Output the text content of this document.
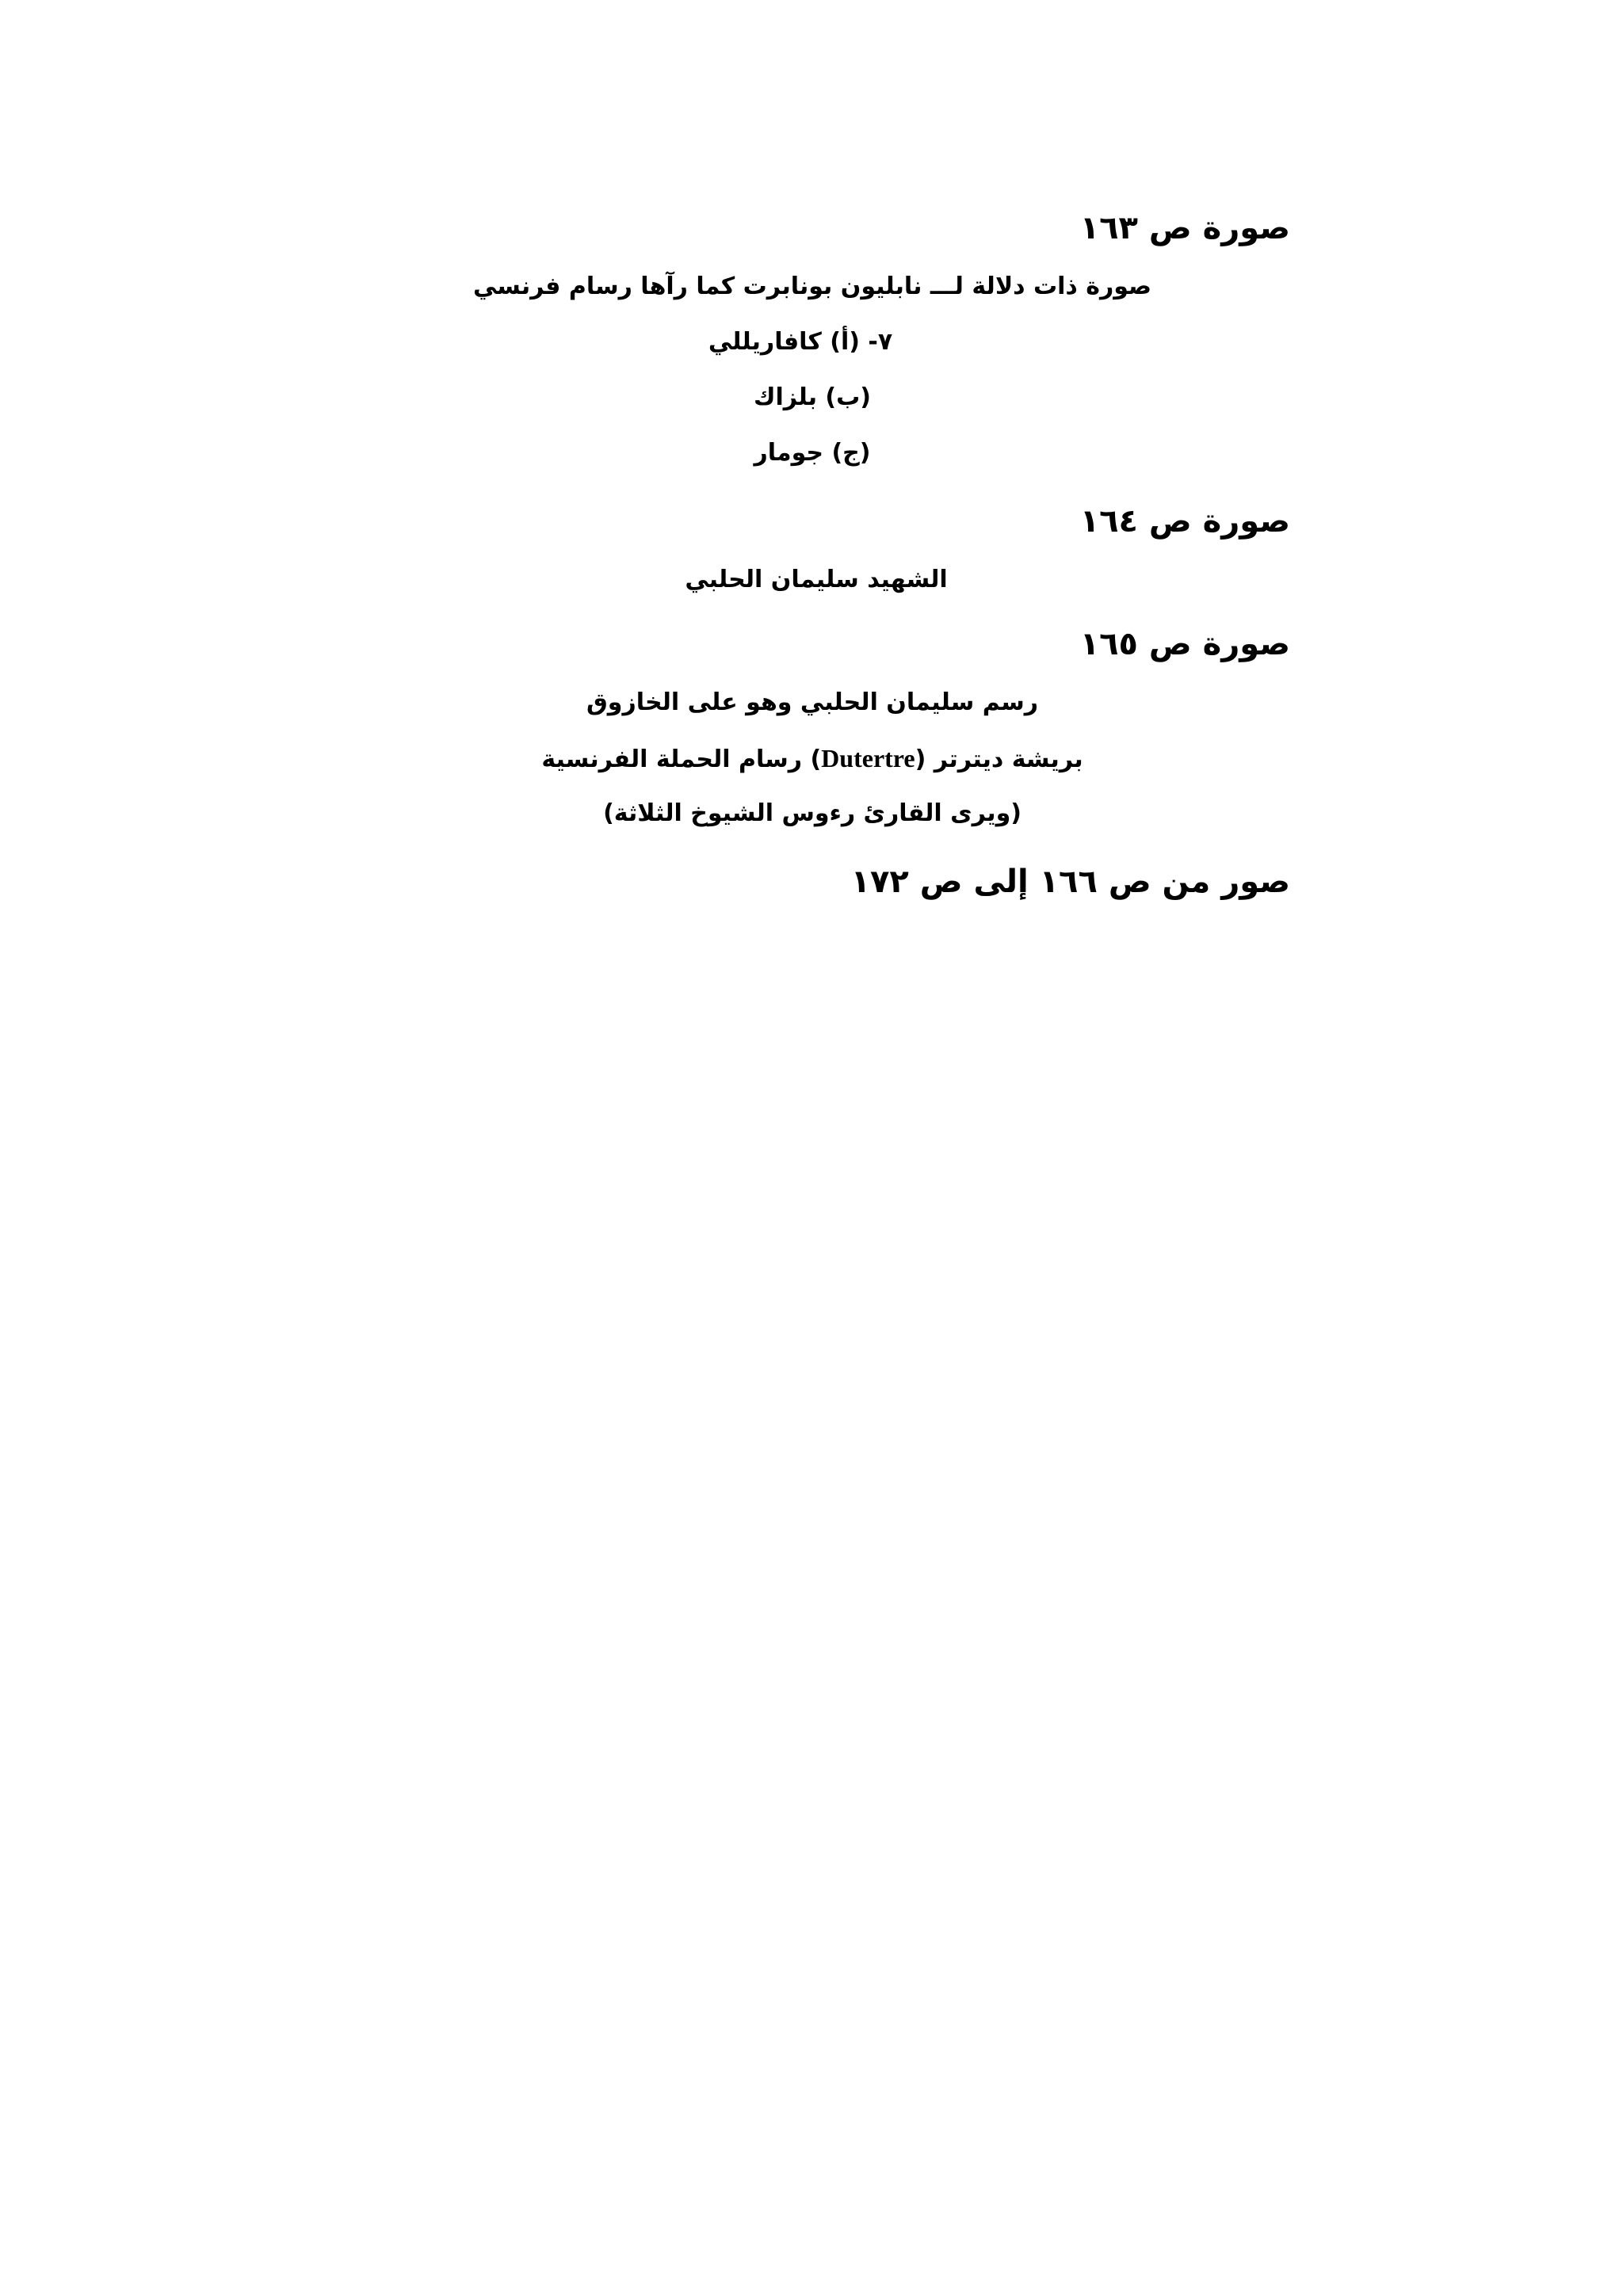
صورة ص ١٦٣
صورة ذات دلالة لـــ نابليون بونابرت كما رآها رسام فرنسي
٧- (أ) كافاريللي
(ب) بلزاك
(ج) جومار
صورة ص ١٦٤
الشهيد سليمان الحلبي
صورة ص ١٦٥
رسم سليمان الحلبي وهو على الخازوق
بريشة ديترتر (Dutertre) رسام الحملة الفرنسية
(ويرى القارئ رءوس الشيوخ الثلاثة)
صور من ص ١٦٦ إلى ص ١٧٢
